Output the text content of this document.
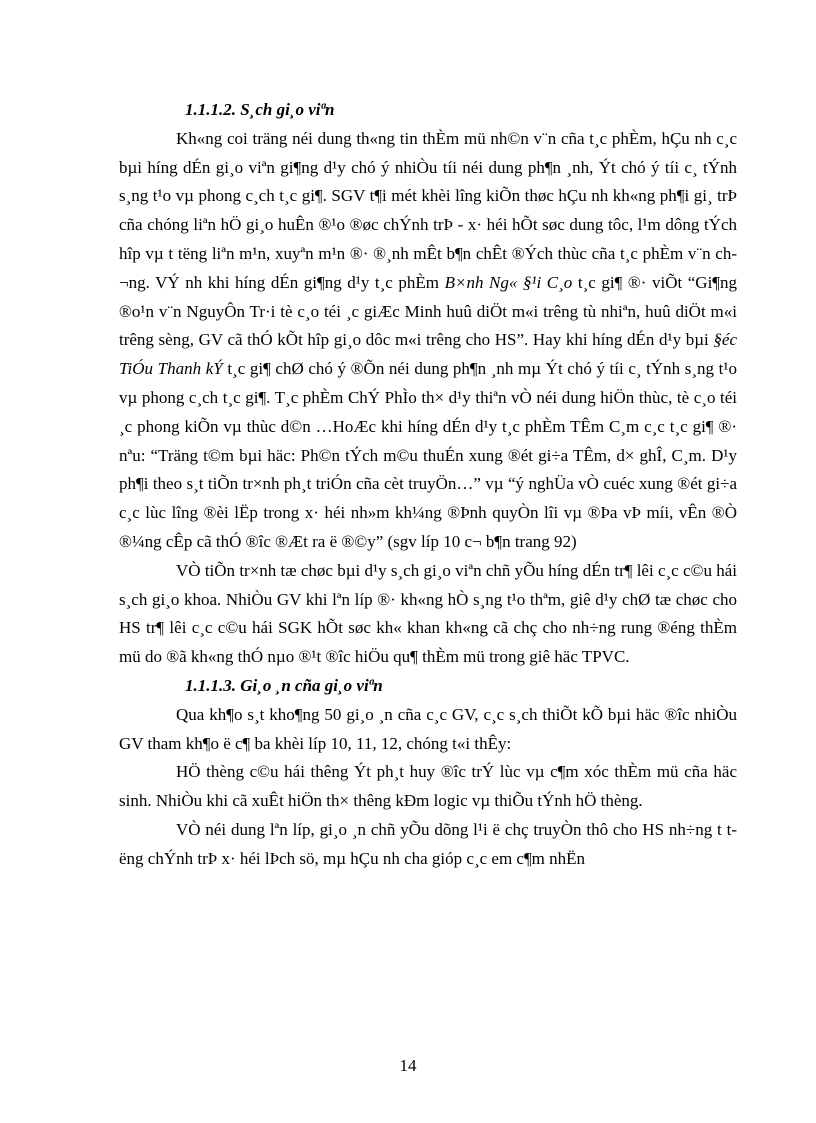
1.1.1.2. S¸ch gi¸o viªn

Kh«ng coi träng néi dung th«ng tin thÈm mü nh©n v¨n cña t¸c phÈm, hÇu nh c¸c bµi híng dÉn gi¸o viªn gi¶ng d¹y chó ý nhiÒu tíi néi dung ph¶n ¸nh, Ýt chó ý tíi c¸ tÝnh s¸ng t¹o vµ phong c¸ch t¸c gi¶. SGV t¶i mét khèi lîng kiÕn thøc hÇu nh kh«ng ph¶i gi¸ trÞ cña chóng liªn hÖ gi¸o huÊn ®¹o ®øc chÝnh trÞ - x· héi hÕt søc dung tôc, l¹m dông tÝch hîp vµ t tëng liªn m¹n, xuyªn m¹n ®· ®¸nh mÊt b¶n chÊt ®Ých thùc cña t¸c phÈm v¨n ch¬ng. VÝ nh khi híng dÉn gi¶ng d¹y t¸c phÈm B×nh Ng« §¹i C¸o t¸c gi¶ ®· viÕt “Gi¶ng ®o¹n v¨n NguyÔn Tr·i tè c¸o téi ¸c giÆc Minh huû diÖt m«i trêng tù nhiªn, huû diÖt m«i trêng sèng, GV cã thÓ kÕt hîp gi¸o dôc m«i trêng cho HS”. Hay khi híng dÉn d¹y bµi §éc TiÓu Thanh kÝ t¸c gi¶ chØ chó ý ®Õn néi dung ph¶n ¸nh mµ Ýt chó ý tíi c¸ tÝnh s¸ng t¹o vµ phong c¸ch t¸c gi¶. T¸c phÈm ChÝ PhÌo th× d¹y thiªn vÒ néi dung hiÖn thùc, tè c¸o téi ¸c phong kiÕn vµ thùc d©n …HoÆc khi híng dÉn d¹y t¸c phÈm TÊm C¸m c¸c t¸c gi¶ ®· nªu: “Träng t©m bµi häc: Ph©n tÝch m©u thuÉn xung ®ét gi÷a TÊm, d× ghÎ, C¸m. D¹y ph¶i theo s¸t tiÕn tr×nh ph¸t triÓn cña cèt truyÖn…” vµ “ý nghÜa vÒ cuéc xung ®ét gi÷a c¸c lùc lîng ®èi lËp trong x· héi nh»m kh¼ng ®Þnh quyÒn lîi vµ ®Þa vÞ míi, vÊn ®Ò ®¼ng cÊp cã thÓ ®îc ®Æt ra ë ®©y” (sgv líp 10 c¬ b¶n trang 92)

VÒ tiÕn tr×nh tæ chøc bµi d¹y s¸ch gi¸o viªn chñ yÕu híng dÉn tr¶ lêi c¸c c©u hái s¸ch gi¸o khoa. NhiÒu GV khi lªn líp ®· kh«ng hÒ s¸ng t¹o thªm, giê d¹y chØ tæ chøc cho HS tr¶ lêi c¸c c©u hái SGK hÕt søc kh« khan kh«ng cã chç cho nh÷ng rung ®éng thÈm mü do ®ã kh«ng thÓ nµo ®¹t ®îc hiÖu qu¶ thÈm mü trong giê häc TPVC.

1.1.1.3. Gi¸o ¸n cña gi¸o viªn

Qua kh¶o s¸t kho¶ng 50 gi¸o ¸n cña c¸c GV, c¸c s¸ch thiÕt kÕ bµi häc ®îc nhiÒu GV tham kh¶o ë c¶ ba khèi líp 10, 11, 12, chóng t«i thÊy:

HÖ thèng c©u hái thêng Ýt ph¸t huy ®îc trÝ lùc vµ c¶m xóc thÈm mü cña häc sinh. NhiÒu khi cã xuÊt hiÖn th× thêng kÐm logic vµ thiÕu tÝnh hÖ thèng.

VÒ néi dung lªn líp, gi¸o ¸n chñ yÕu dõng l¹i ë chç truyÒn thô cho HS nh÷ng t tëng chÝnh trÞ x· héi lÞch sö, mµ hÇu nh cha gióp c¸c em c¶m nhËn

14
